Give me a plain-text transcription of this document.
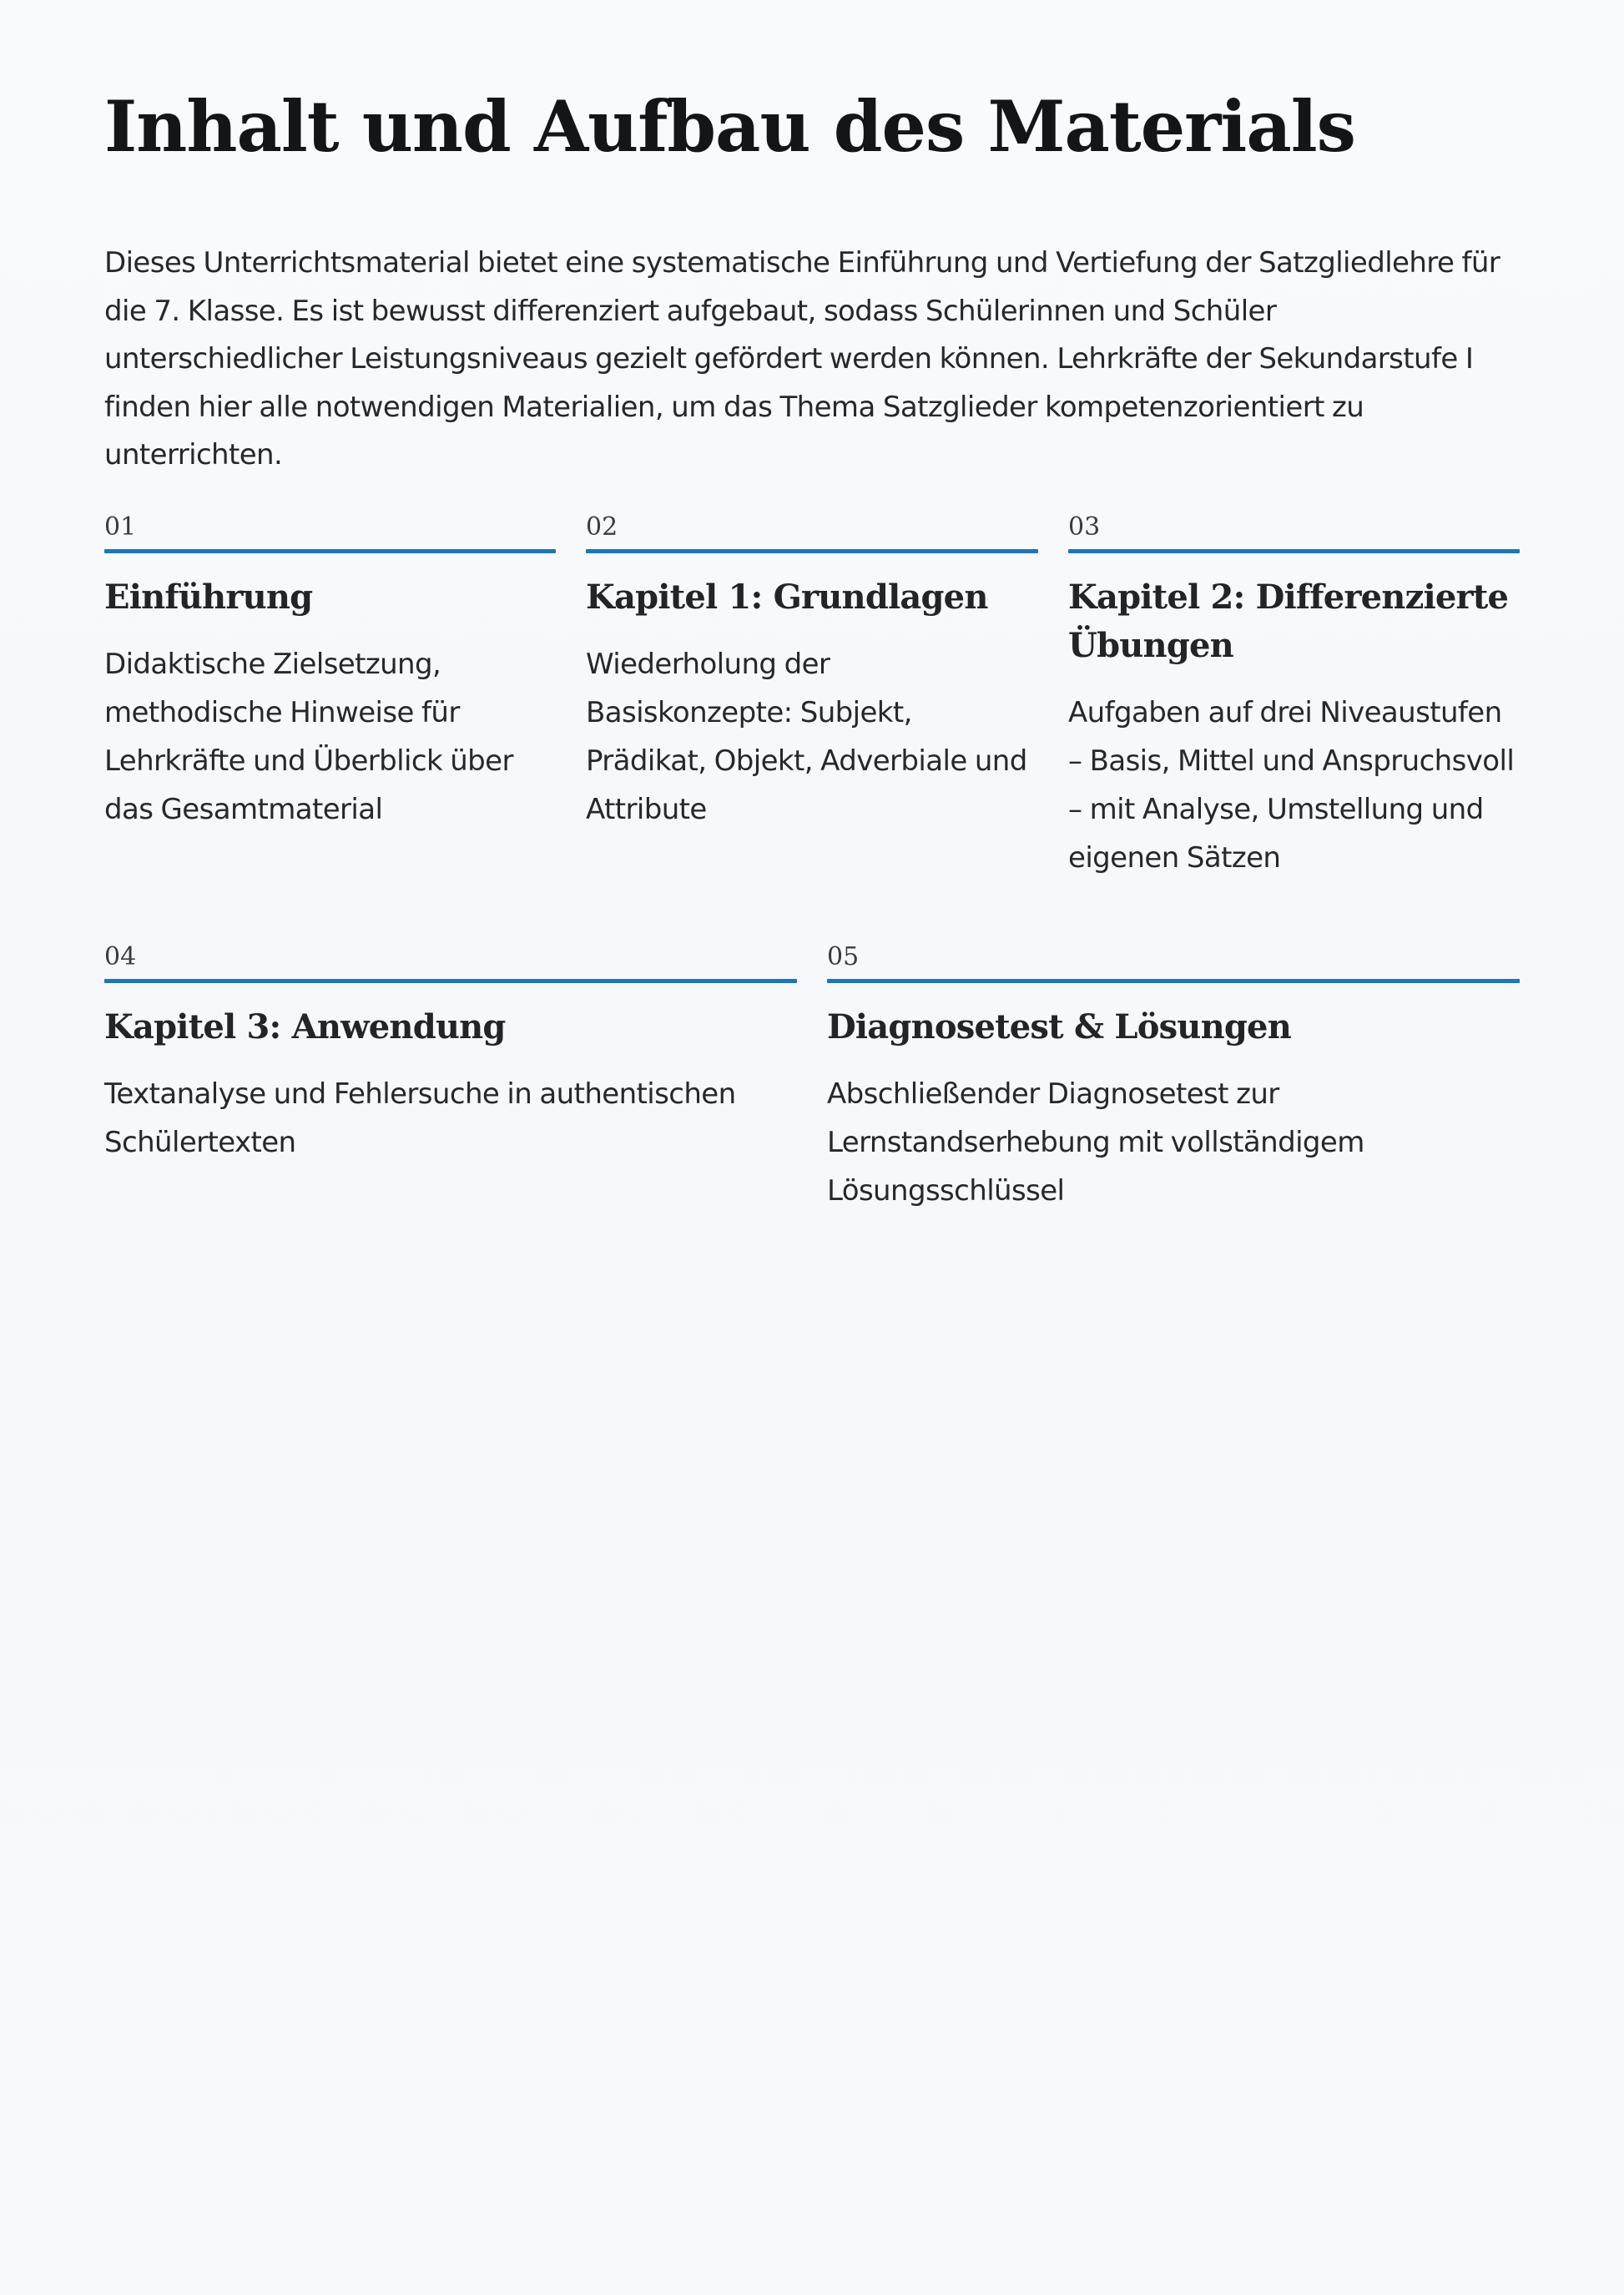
Inhalt und Aufbau des Materials

Dieses Unterrichtsmaterial bietet eine systematische Einführung und Vertiefung der Satzgliedlehre für die 7. Klasse. Es ist bewusst differenziert aufgebaut, sodass Schülerinnen und Schüler unterschiedlicher Leistungsniveaus gezielt gefördert werden können. Lehrkräfte der Sekundarstufe I finden hier alle notwendigen Materialien, um das Thema Satzglieder kompetenzorientiert zu unterrichten.

01
Einführung

Didaktische Zielsetzung, methodische Hinweise für Lehrkräfte und Überblick über das Gesamtmaterial

02
Kapitel 1: Grundlagen

Wiederholung der Basiskonzepte: Subjekt, Prädikat, Objekt, Adverbiale und Attribute

03
Kapitel 2: Differenzierte Übungen

Aufgaben auf drei Niveaustufen – Basis, Mittel und Anspruchsvoll – mit Analyse, Umstellung und eigenen Sätzen

04
Kapitel 3: Anwendung

Textanalyse und Fehlersuche in authentischen Schülertexten

05
Diagnosetest & Lösungen

Abschließender Diagnosetest zur Lernstandserhebung mit vollständigem Lösungsschlüssel
